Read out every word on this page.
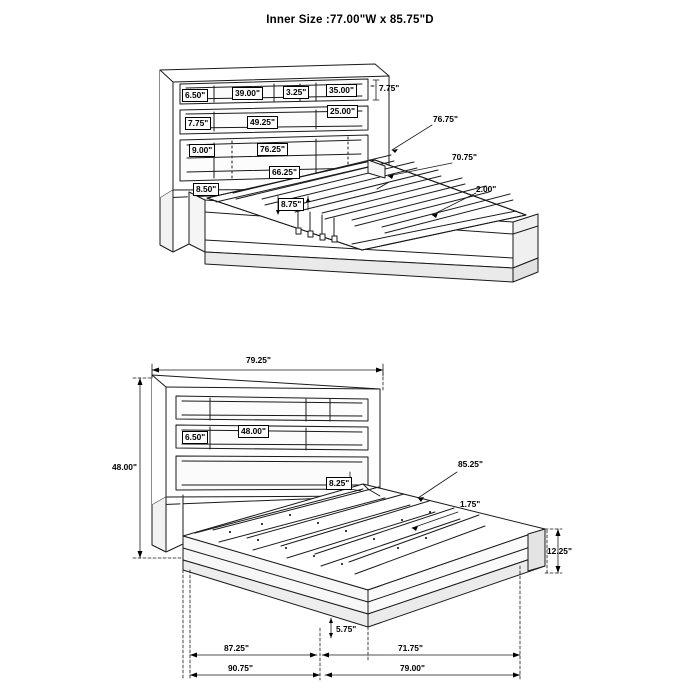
Inner Size :77.00"W x 85.75"D
6.50"	39.00"	3.25"	35.00"	7.75"
25.00"
7.75"	49.25"	76.75"
9.00"	76.25"
70.75"
66.25"
8.50"	2.00"
8.75"
79.25"
6.50"
48.00"
48.00"	85.25"
8.25"
1.75"
12.25"
5.75"
87.25"	71.75"
90.75"	79.00"
